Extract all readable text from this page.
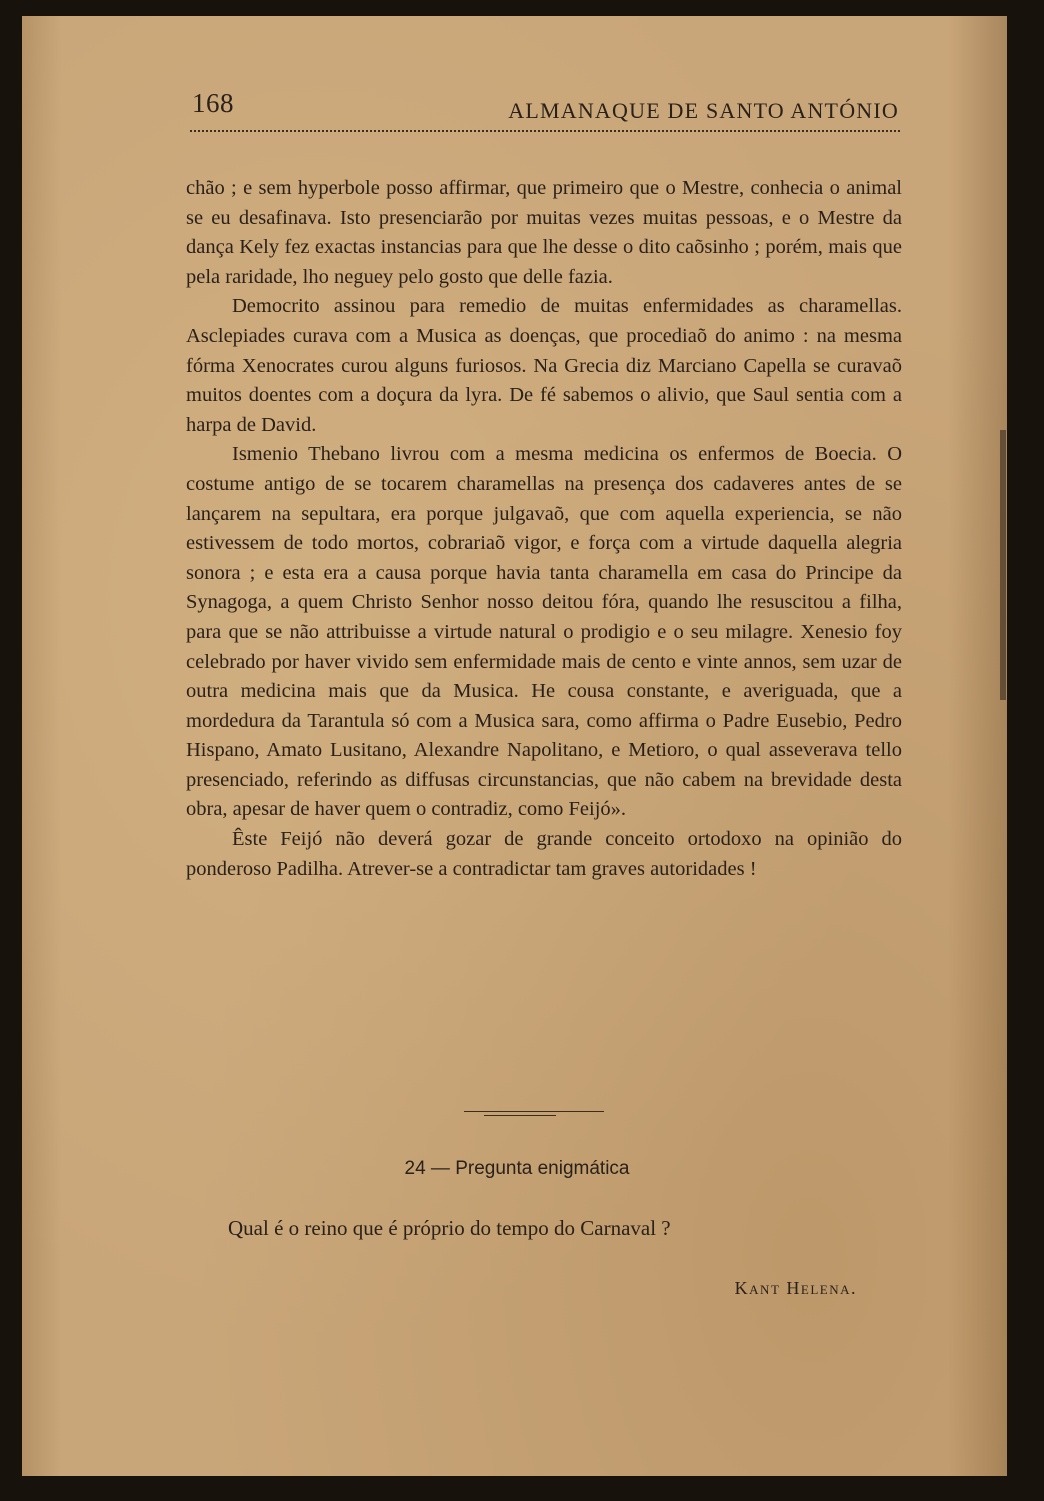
168	ALMANAQUE DE SANTO ANTÓNIO

chão ; e sem hyperbole posso affirmar, que primeiro que o Mestre, conhecia o animal se eu desafinava. Isto presenciarão por muitas vezes muitas pessoas, e o Mestre da dança Kely fez exactas instancias para que lhe desse o dito caõsinho ; porém, mais que pela raridade, lho neguey pelo gosto que delle fazia.

Democrito assinou para remedio de muitas enfermidades as charamellas. Asclepiades curava com a Musica as doenças, que procediaõ do animo : na mesma fórma Xenocrates curou alguns furiosos. Na Grecia diz Marciano Capella se curavaõ muitos doentes com a doçura da lyra. De fé sabemos o alivio, que Saul sentia com a harpa de David.

Ismenio Thebano livrou com a mesma medicina os enfermos de Boecia. O costume antigo de se tocarem charamellas na presença dos cadaveres antes de se lançarem na sepultara, era porque julgavaõ, que com aquella experiencia, se não estivessem de todo mortos, cobrariaõ vigor, e força com a virtude daquella alegria sonora ; e esta era a causa porque havia tanta charamella em casa do Principe da Synagoga, a quem Christo Senhor nosso deitou fóra, quando lhe resuscitou a filha, para que se não attribuisse a virtude natural o prodigio e o seu milagre. Xenesio foy celebrado por haver vivido sem enfermidade mais de cento e vinte annos, sem uzar de outra medicina mais que da Musica. He cousa constante, e averiguada, que a mordedura da Tarantula só com a Musica sara, como affirma o Padre Eusebio, Pedro Hispano, Amato Lusitano, Alexandre Napolitano, e Metioro, o qual asseverava tello presenciado, referindo as diffusas circunstancias, que não cabem na brevidade desta obra, apesar de haver quem o contradiz, como Feijó».

Êste Feijó não deverá gozar de grande conceito ortodoxo na opinião do ponderoso Padilha. Atrever-se a contradictar tam graves autoridades !

24 — Pregunta enigmática
Qual é o reino que é próprio do tempo do Carnaval ?
Kant Helena.
